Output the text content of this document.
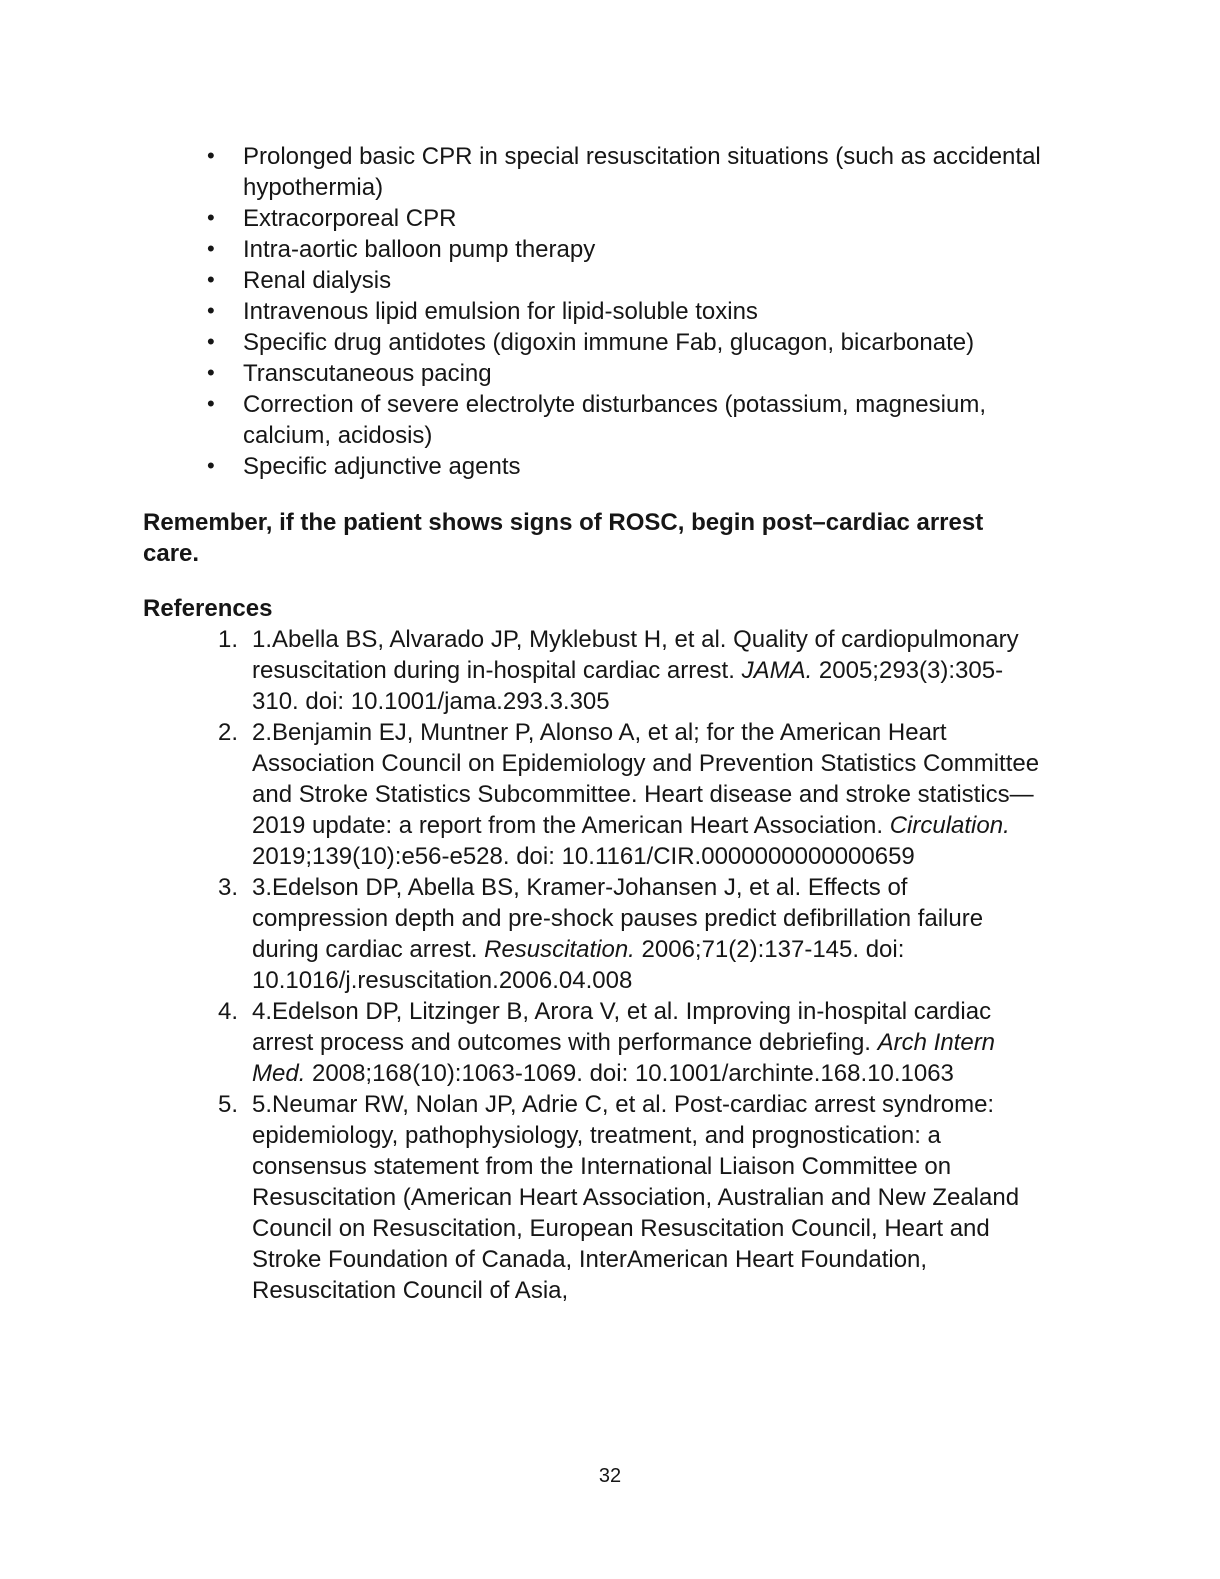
• Prolonged basic CPR in special resuscitation situations (such as accidental hypothermia)
• Extracorporeal CPR
• Intra-aortic balloon pump therapy
• Renal dialysis
• Intravenous lipid emulsion for lipid-soluble toxins
• Specific drug antidotes (digoxin immune Fab, glucagon, bicarbonate)
• Transcutaneous pacing
• Correction of severe electrolyte disturbances (potassium, magnesium, calcium, acidosis)
• Specific adjunctive agents

Remember, if the patient shows signs of ROSC, begin post–cardiac arrest care.

References
1. 1.Abella BS, Alvarado JP, Myklebust H, et al. Quality of cardiopulmonary resuscitation during in-hospital cardiac arrest. JAMA. 2005;293(3):305-310. doi: 10.1001/jama.293.3.305
2. 2.Benjamin EJ, Muntner P, Alonso A, et al; for the American Heart Association Council on Epidemiology and Prevention Statistics Committee and Stroke Statistics Subcommittee. Heart disease and stroke statistics—2019 update: a report from the American Heart Association. Circulation. 2019;139(10):e56-e528. doi: 10.1161/CIR.0000000000000659
3. 3.Edelson DP, Abella BS, Kramer-Johansen J, et al. Effects of compression depth and pre-shock pauses predict defibrillation failure during cardiac arrest. Resuscitation. 2006;71(2):137-145. doi: 10.1016/j.resuscitation.2006.04.008
4. 4.Edelson DP, Litzinger B, Arora V, et al. Improving in-hospital cardiac arrest process and outcomes with performance debriefing. Arch Intern Med. 2008;168(10):1063-1069. doi: 10.1001/archinte.168.10.1063
5. 5.Neumar RW, Nolan JP, Adrie C, et al. Post-cardiac arrest syndrome: epidemiology, pathophysiology, treatment, and prognostication: a consensus statement from the International Liaison Committee on Resuscitation (American Heart Association, Australian and New Zealand Council on Resuscitation, European Resuscitation Council, Heart and Stroke Foundation of Canada, InterAmerican Heart Foundation, Resuscitation Council of Asia,
32
